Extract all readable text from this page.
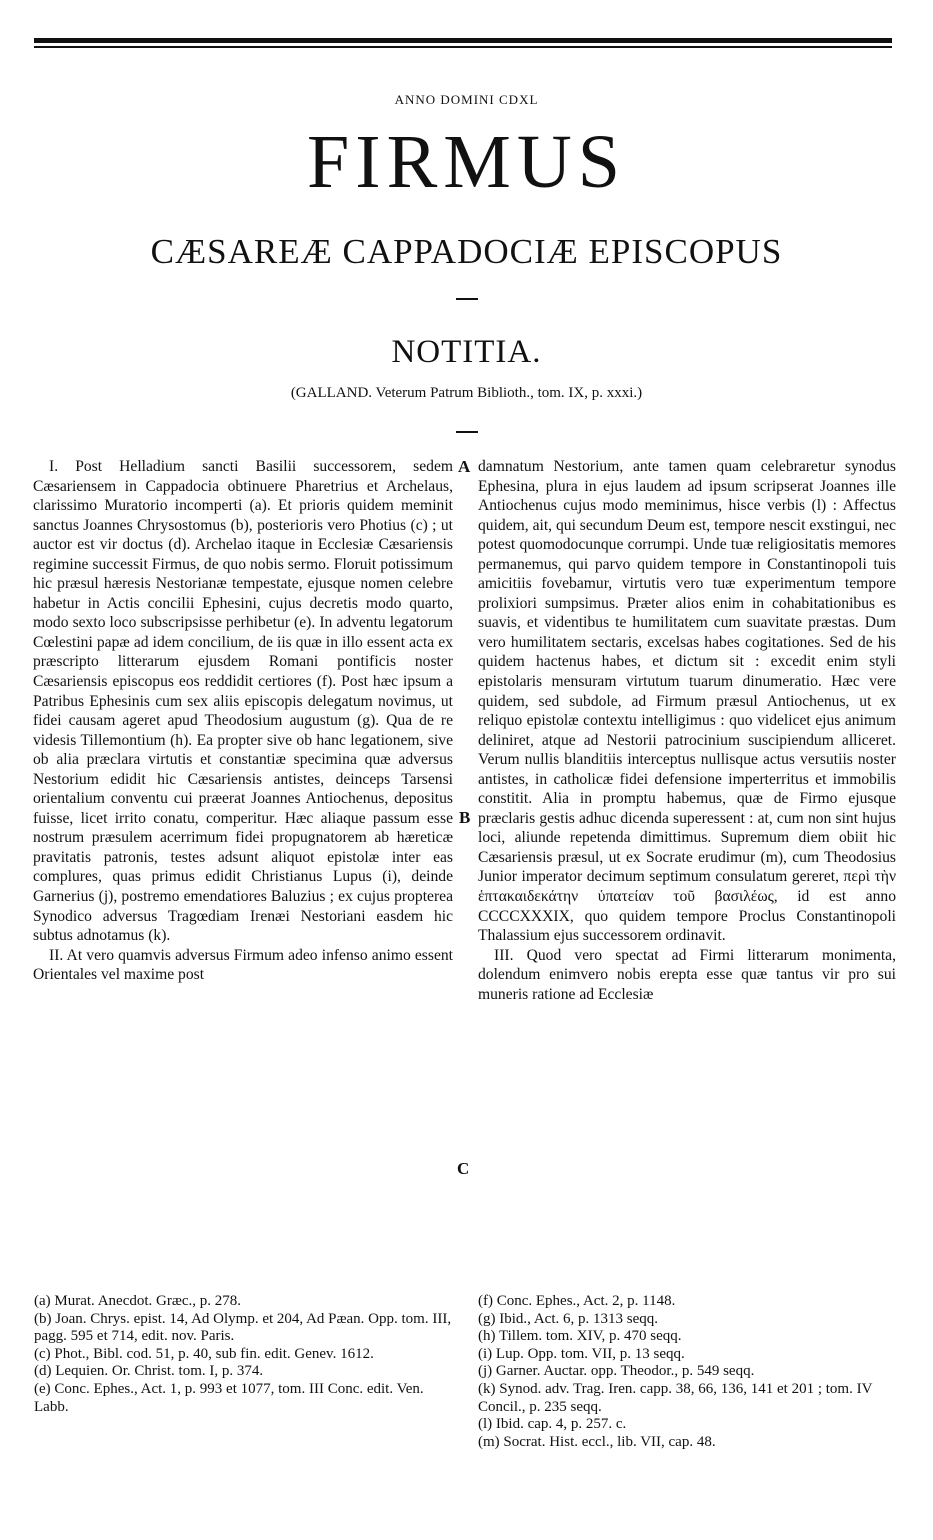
ANNO DOMINI CDXL
FIRMUS
CÆSAREÆ CAPPADOCIÆ EPISCOPUS
NOTITIA.
(GALLAND. Veterum Patrum Biblioth., tom. IX, p. xxxi.)

I. Post Helladium sancti Basilii successorem, sedem Cæsariensem in Cappadocia obtinuere Pharetrius et Archelaus, clarissimo Muratorio incomperti (a). Et prioris quidem meminit sanctus Joannes Chrysostomus (b), posterioris vero Photius (c) ; ut auctor est vir doctus (d). Archelao itaque in Ecclesiæ Cæsariensis regimine successit Firmus, de quo nobis sermo. Floruit potissimum hic præsul hæresis Nestorianæ tempestate, ejusque nomen celebre habetur in Actis concilii Ephesini, cujus decretis modo quarto, modo sexto loco subscripsisse perhibetur (e). In adventu legatorum Cœlestini papæ ad idem concilium, de iis quæ in illo essent acta ex præscripto litterarum ejusdem Romani pontificis noster Cæsariensis episcopus eos reddidit certiores (f). Post hæc ipsum a Patribus Ephesinis cum sex aliis episcopis delegatum novimus, ut fidei causam ageret apud Theodosium augustum (g). Qua de re videsis Tillemontium (h). Ea propter sive ob hanc legationem, sive ob alia præclara virtutis et constantiæ specimina quæ adversus Nestorium edidit hic Cæsariensis antistes, deinceps Tarsensi orientalium conventu cui præerat Joannes Antiochenus, depositus fuisse, licet irrito conatu, comperitur. Hæc aliaque passum esse nostrum præsulem acerrimum fidei propugnatorem ab hæreticæ pravitatis patronis, testes adsunt aliquot epistolæ inter eas complures, quas primus edidit Christianus Lupus (i), deinde Garnerius (j), postremo emendatiores Baluzius ; ex cujus propterea Synodico adversus Tragœdiam Irenæi Nestoriani easdem hic subtus adnotamus (k).

II. At vero quamvis adversus Firmum adeo infenso animo essent Orientales vel maxime post

damnatum Nestorium, ante tamen quam celebraretur synodus Ephesina, plura in ejus laudem ad ipsum scripserat Joannes ille Antiochenus cujus modo meminimus, hisce verbis (l) : Affectus quidem, ait, qui secundum Deum est, tempore nescit exstingui, nec potest quomodocunque corrumpi. Unde tuæ religiositatis memores permanemus, qui parvo quidem tempore in Constantinopoli tuis amicitiis fovebamur, virtutis vero tuæ experimentum tempore prolixiori sumpsimus. Præter alios enim in cohabitationibus es suavis, et videntibus te humilitatem cum suavitate præstas. Dum vero humilitatem sectaris, excelsas habes cogitationes. Sed de his quidem hactenus habes, et dictum sit : excedit enim styli epistolaris mensuram virtutum tuarum dinumeratio. Hæc vere quidem, sed subdole, ad Firmum præsul Antiochenus, ut ex reliquo epistolæ contextu intelligimus : quo videlicet ejus animum deliniret, atque ad Nestorii patrocinium suscipiendum alliceret. Verum nullis blanditiis interceptus nullisque actus versutiis noster antistes, in catholicæ fidei defensione imperterritus et immobilis constitit. Alia in promptu habemus, quæ de Firmo ejusque præclaris gestis adhuc dicenda superessent : at, cum non sint hujus loci, aliunde repetenda dimittimus. Supremum diem obiit hic Cæsariensis præsul, ut ex Socrate erudimur (m), cum Theodosius Junior imperator decimum septimum consulatum gereret, περὶ τὴν ἑπτακαιδεκάτην ὑπατείαν τοῦ βασιλέως, id est anno CCCCXXXIX, quo quidem tempore Proclus Constantinopoli Thalassium ejus successorem ordinavit.

III. Quod vero spectat ad Firmi litterarum monimenta, dolendum enimvero nobis erepta esse quæ tantus vir pro sui muneris ratione ad Ecclesiæ

A
B
C

(a) Murat. Anecdot. Græc., p. 278.

(b) Joan. Chrys. epist. 14, Ad Olymp. et 204, Ad Pæan. Opp. tom. III, pagg. 595 et 714, edit. nov. Paris.

(c) Phot., Bibl. cod. 51, p. 40, sub fin. edit. Genev. 1612.

(d) Lequien. Or. Christ. tom. I, p. 374.

(e) Conc. Ephes., Act. 1, p. 993 et 1077, tom. III Conc. edit. Ven. Labb.

(f) Conc. Ephes., Act. 2, p. 1148.

(g) Ibid., Act. 6, p. 1313 seqq.

(h) Tillem. tom. XIV, p. 470 seqq.

(i) Lup. Opp. tom. VII, p. 13 seqq.

(j) Garner. Auctar. opp. Theodor., p. 549 seqq.

(k) Synod. adv. Trag. Iren. capp. 38, 66, 136, 141 et 201 ; tom. IV Concil., p. 235 seqq.

(l) Ibid. cap. 4, p. 257. c.

(m) Socrat. Hist. eccl., lib. VII, cap. 48.
